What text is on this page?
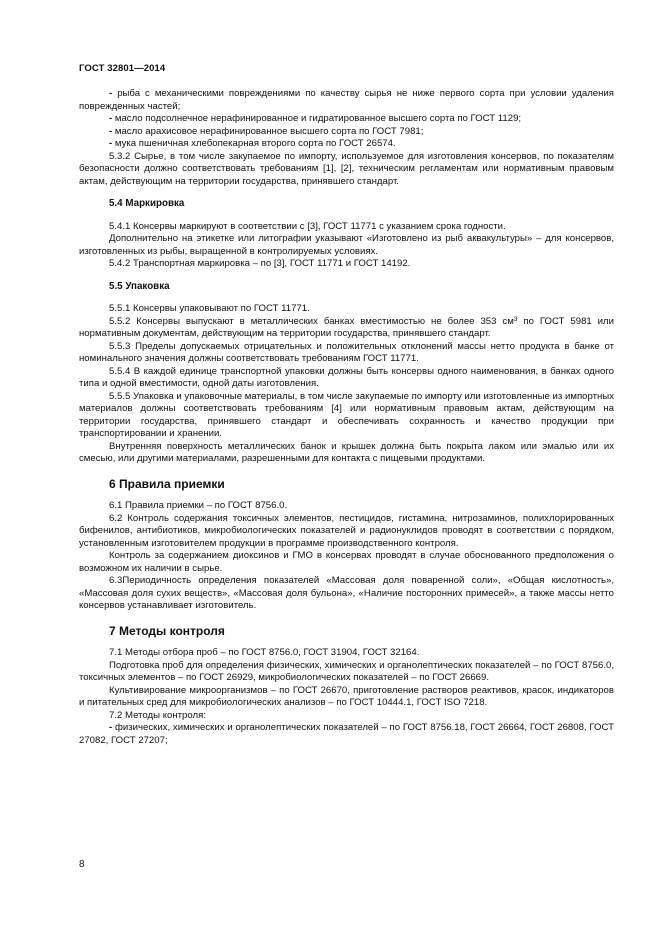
ГОСТ 32801—2014

- рыба с механическими повреждениями по качеству сырья не ниже первого сорта при условии удаления поврежденных частей;

- масло подсолнечное нерафинированное и гидратированное высшего сорта по ГОСТ 1129;

- масло арахисовое нерафинированное высшего сорта по ГОСТ 7981;

- мука пшеничная хлебопекарная второго сорта по ГОСТ 26574.

5.3.2 Сырье, в том числе закупаемое по импорту, используемое для изготовления консервов, по показателям безопасности должно соответствовать требованиям [1], [2], техническим регламентам или нормативным правовым актам, действующим на территории государства, принявшего стандарт.

5.4 Маркировка

5.4.1 Консервы маркируют в соответствии с [3], ГОСТ 11771 с указанием срока годности.

Дополнительно на этикетке или литографии указывают «Изготовлено из рыб аквакультуры» – для консервов, изготовленных из рыбы, выращенной в контролируемых условиях.

5.4.2 Транспортная маркировка – по [3], ГОСТ 11771 и ГОСТ 14192.

5.5 Упаковка

5.5.1 Консервы упаковывают по ГОСТ 11771.

5.5.2 Консервы выпускают в металлических банках вместимостью не более 353 $см^3$ по ГОСТ 5981 или нормативным документам, действующим на территории государства, принявшего стандарт.

5.5.3 Пределы допускаемых отрицательных и положительных отклонений массы нетто продукта в банке от номинального значения должны соответствовать требованиям ГОСТ 11771.

5.5.4 В каждой единице транспортной упаковки должны быть консервы одного наименования, в банках одного типа и одной вместимости, одной даты изготовления.

5.5.5 Упаковка и упаковочные материалы, в том числе закупаемые по импорту или изготовленные из импортных материалов должны соответствовать требованиям [4] или нормативным правовым актам, действующим на территории государства, принявшего стандарт и обеспечивать сохранность и качество продукции при транспортировании и хранении.

Внутренняя поверхность металлических банок и крышек должна быть покрыта лаком или эмалью или их смесью, или другими материалами, разрешенными для контакта с пищевыми продуктами.

6 Правила приемки

6.1 Правила приемки – по ГОСТ 8756.0.

6.2 Контроль содержания токсичных элементов, пестицидов, гистамина, нитрозаминов, полихлорированных бифенилов, антибиотиков, микробиологических показателей и радионуклидов проводят в соответствии с порядком, установленным изготовителем продукции в программе производственного контроля.

Контроль за содержанием диоксинов и ГМО в консервах проводят в случае обоснованного предположения о возможном их наличии в сырье.

6.3Периодичность определения показателей «Массовая доля поваренной соли», «Общая кислотность», «Массовая доля сухих веществ», «Массовая доля бульона», «Наличие посторонних примесей», а также массы нетто консервов устанавливает изготовитель.

7 Методы контроля

7.1 Методы отбора проб – по ГОСТ 8756.0, ГОСТ 31904, ГОСТ 32164.

Подготовка проб для определения физических, химических и органолептических показателей – по ГОСТ 8756.0, токсичных элементов – по ГОСТ 26929, микробиологических показателей – по ГОСТ 26669.

Культивирование микроорганизмов – по ГОСТ 26670, приготовление растворов реактивов, красок, индикаторов и питательных сред для микробиологических анализов – по ГОСТ 10444.1, ГОСТ ISO 7218.

7.2 Методы контроля:

- физических, химических и органолептических показателей – по ГОСТ 8756.18, ГОСТ 26664, ГОСТ 26808, ГОСТ 27082, ГОСТ 27207;

8
